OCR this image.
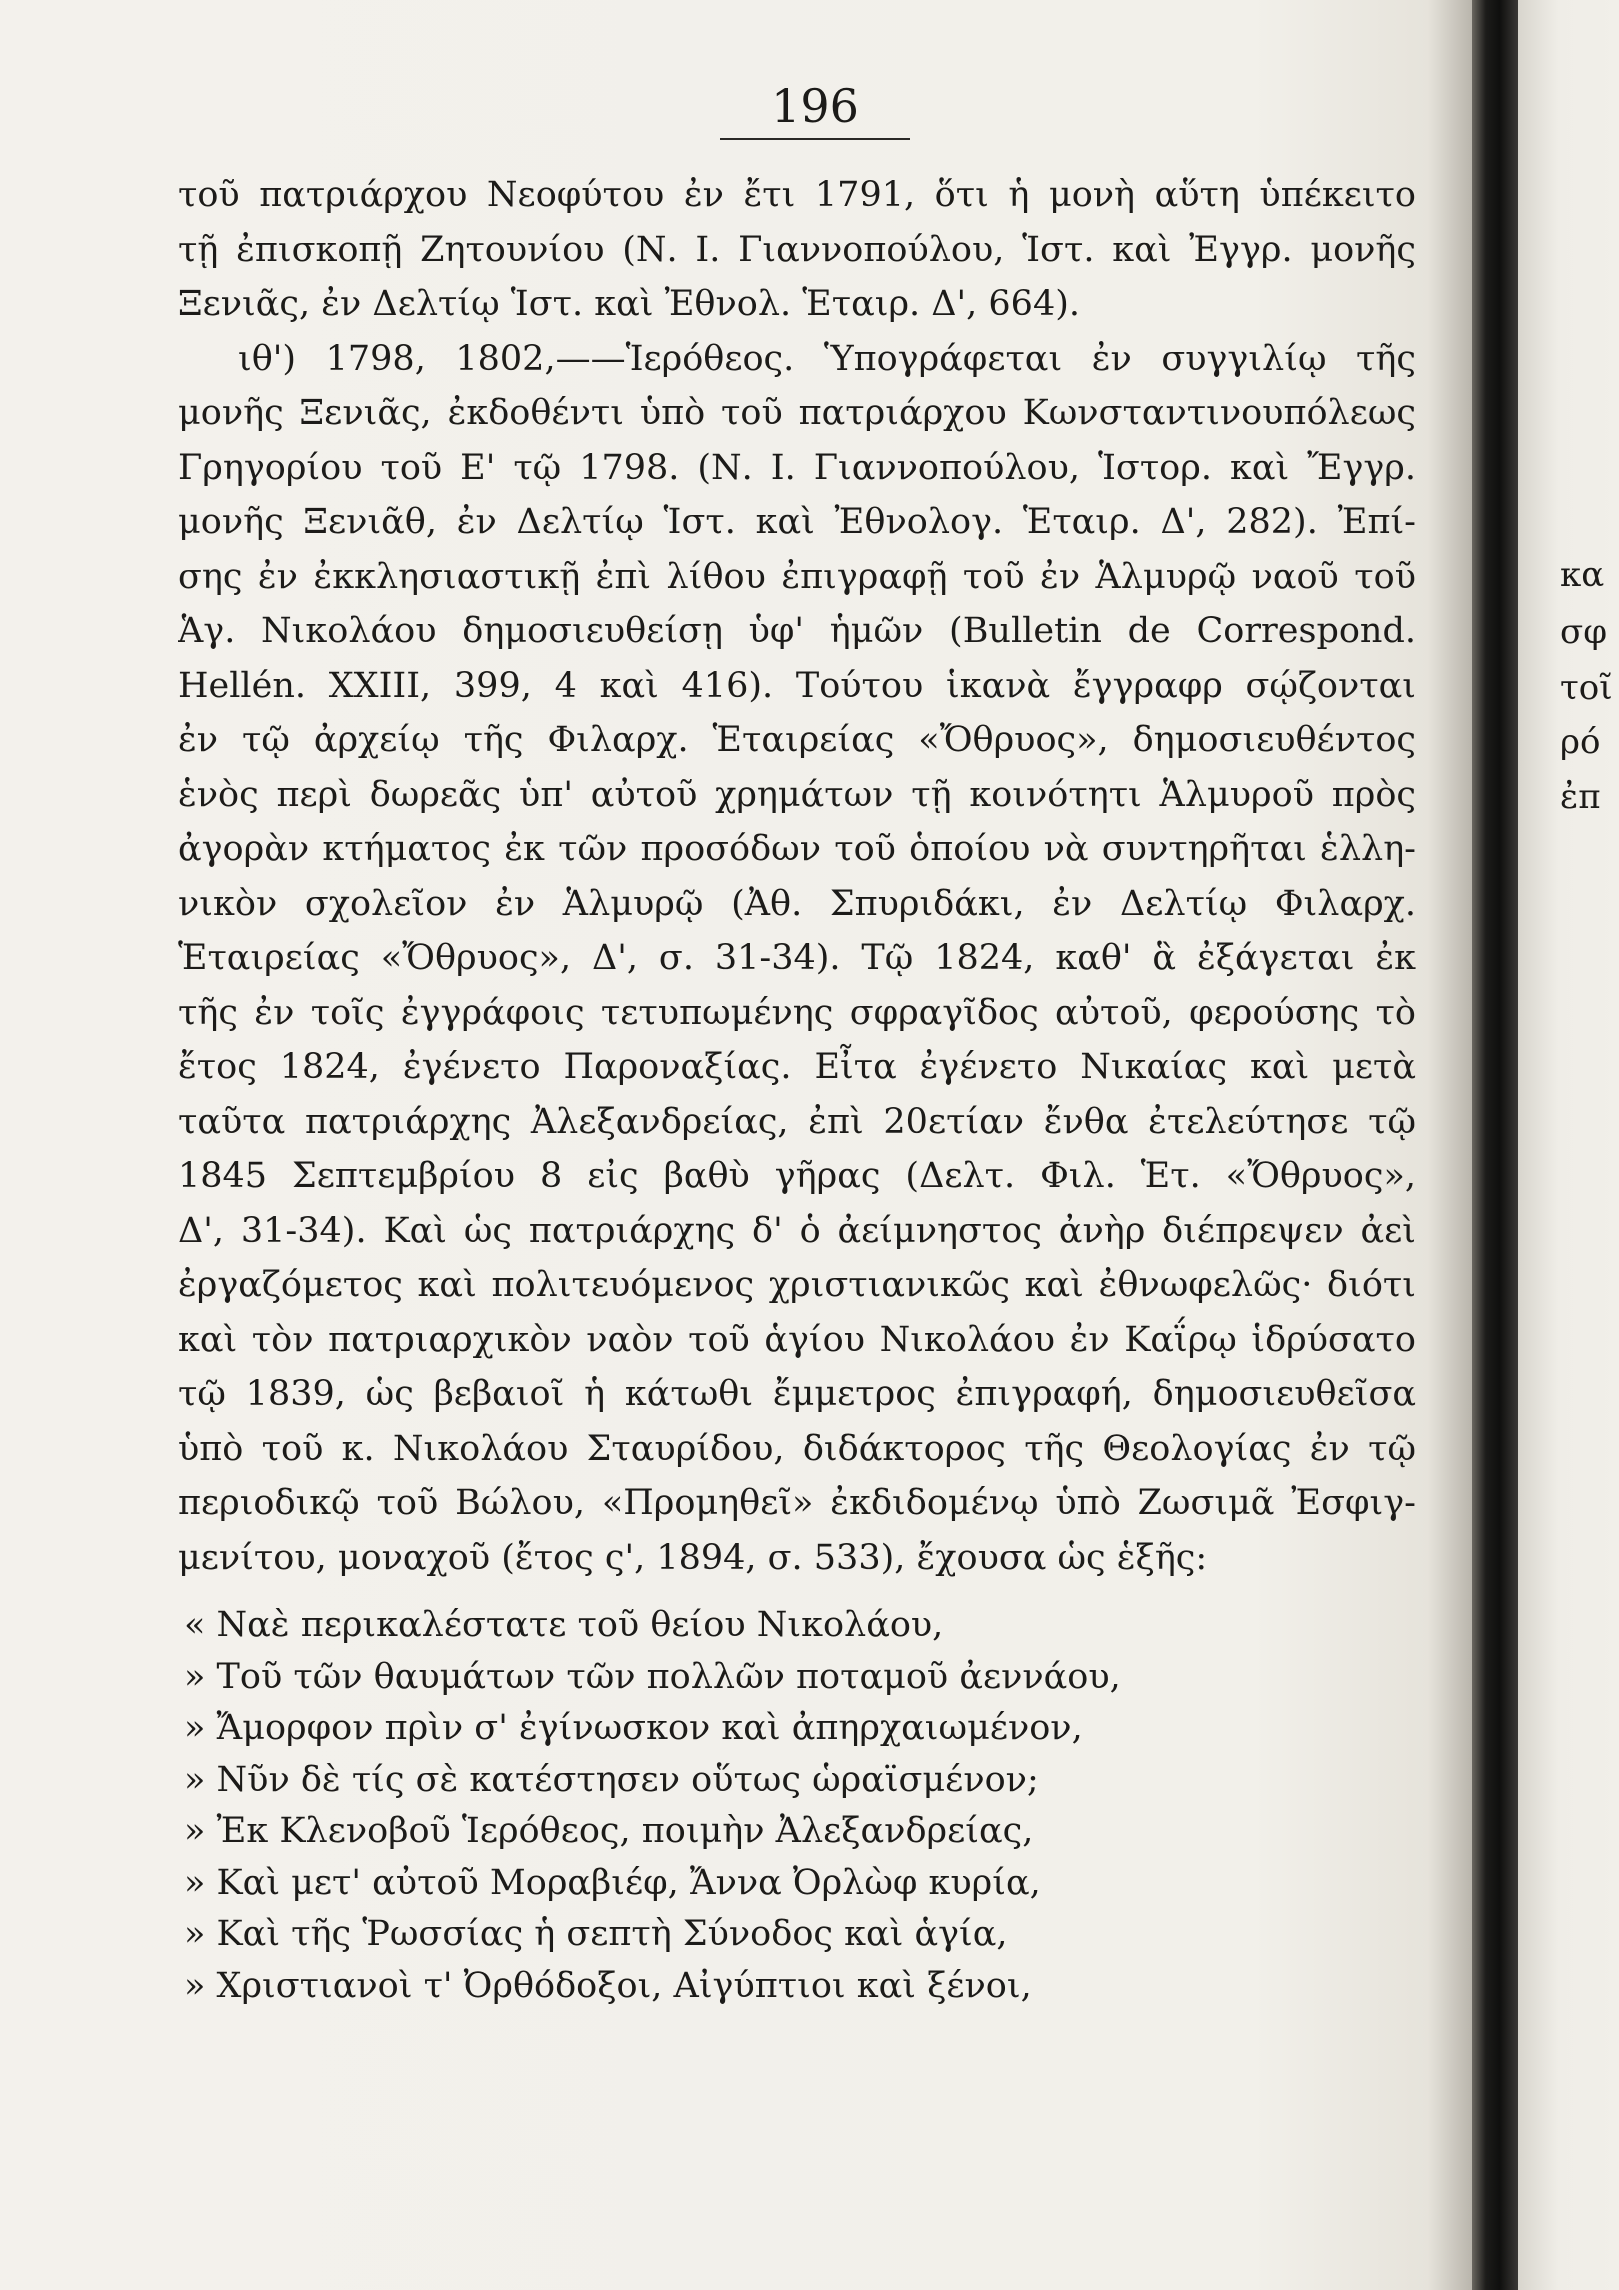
196
τοῦ πατριάρχου Νεοφύτου ἐν ἔτι 1791, ὅτι ἡ μονὴ αὕτη ὑπέκειτο
τῇ ἐπισκοπῇ Ζητουνίου (Ν. Ι. Γιαννοπούλου, Ἱστ. καὶ Ἐγγρ. μονῆς
Ξενιᾶς, ἐν Δελτίῳ Ἱστ. καὶ Ἐθνολ. Ἑταιρ. Δ', 664).
ιθ') 1798, 1802,——Ἱερόθεος. Ὑπογράφεται ἐν συγγιλίῳ τῆς
μονῆς Ξενιᾶς, ἐκδοθέντι ὑπὸ τοῦ πατριάρχου Κωνσταντινουπόλεως
Γρηγορίου τοῦ Ε' τῷ 1798. (Ν. Ι. Γιαννοπούλου, Ἱστορ. καὶ Ἔγγρ.
μονῆς Ξενιᾶθ, ἐν Δελτίῳ Ἱστ. καὶ Ἐθνολογ. Ἑταιρ. Δ', 282). Ἐπί-
σης ἐν ἐκκλησιαστικῇ ἐπὶ λίθου ἐπιγραφῇ τοῦ ἐν Ἁλμυρῷ ναοῦ τοῦ
Ἁγ. Νικολάου δημοσιευθείσῃ ὑφ' ἡμῶν (Bulletin de Correspond.
Hellén. XXIII, 399, 4 καὶ 416). Τούτου ἱκανὰ ἔγγραφρ σῴζονται
ἐν τῷ ἀρχείῳ τῆς Φιλαρχ. Ἑταιρείας «Ὄθρυος», δημοσιευθέντος
ἑνὸς περὶ δωρεᾶς ὑπ' αὐτοῦ χρημάτων τῇ κοινότητι Ἁλμυροῦ πρὸς
ἀγορὰν κτήματος ἐκ τῶν προσόδων τοῦ ὁποίου νὰ συντηρῆται ἑλλη-
νικὸν σχολεῖον ἐν Ἁλμυρῷ (Ἀθ. Σπυριδάκι, ἐν Δελτίῳ Φιλαρχ.
Ἑταιρείας «Ὄθρυος», Δ', σ. 31-34). Τῷ 1824, καθ' ἃ ἐξάγεται ἐκ
τῆς ἐν τοῖς ἐγγράφοις τετυπωμένης σφραγῖδος αὐτοῦ, φερούσης τὸ
ἔτος 1824, ἐγένετο Παροναξίας. Εἶτα ἐγένετο Νικαίας καὶ μετὰ
ταῦτα πατριάρχης Ἀλεξανδρείας, ἐπὶ 20ετίαν ἔνθα ἐτελεύτησε τῷ
1845 Σεπτεμβρίου 8 εἰς βαθὺ γῆρας (Δελτ. Φιλ. Ἑτ. «Ὄθρυος»,
Δ', 31-34). Καὶ ὡς πατριάρχης δ' ὁ ἀείμνηστος ἀνὴρ διέπρεψεν ἀεὶ
ἐργαζόμετος καὶ πολιτευόμενος χριστιανικῶς καὶ ἐθνωφελῶς· διότι
καὶ τὸν πατριαρχικὸν ναὸν τοῦ ἁγίου Νικολάου ἐν Καΐρῳ ἱδρύσατο
τῷ 1839, ὡς βεβαιοῖ ἡ κάτωθι ἔμμετρος ἐπιγραφή, δημοσιευθεῖσα
ὑπὸ τοῦ κ. Νικολάου Σταυρίδου, διδάκτορος τῆς Θεολογίας ἐν τῷ
περιοδικῷ τοῦ Βώλου, «Προμηθεῖ» ἐκδιδομένῳ ὑπὸ Ζωσιμᾶ Ἐσφιγ-
μενίτου, μοναχοῦ (ἔτος ς', 1894, σ. 533), ἔχουσα ὡς ἑξῆς:
« Ναὲ περικαλέστατε τοῦ θείου Νικολάου,
» Τοῦ τῶν θαυμάτων τῶν πολλῶν ποταμοῦ ἀεννάου,
» Ἄμορφον πρὶν σ' ἐγίνωσκον καὶ ἀπηρχαιωμένον,
» Νῦν δὲ τίς σὲ κατέστησεν οὕτως ὡραϊσμένον;
» Ἐκ Κλενοβοῦ Ἱερόθεος, ποιμὴν Ἀλεξανδρείας,
» Καὶ μετ' αὐτοῦ Μοραβιέφ, Ἄννα Ὀρλὼφ κυρία,
» Καὶ τῆς Ῥωσσίας ἡ σεπτὴ Σύνοδος καὶ ἁγία,
» Χριστιανοὶ τ' Ὀρθόδοξοι, Αἰγύπτιοι καὶ ξένοι,
κα
σφ
τοῖ
ρό
ἐπ
